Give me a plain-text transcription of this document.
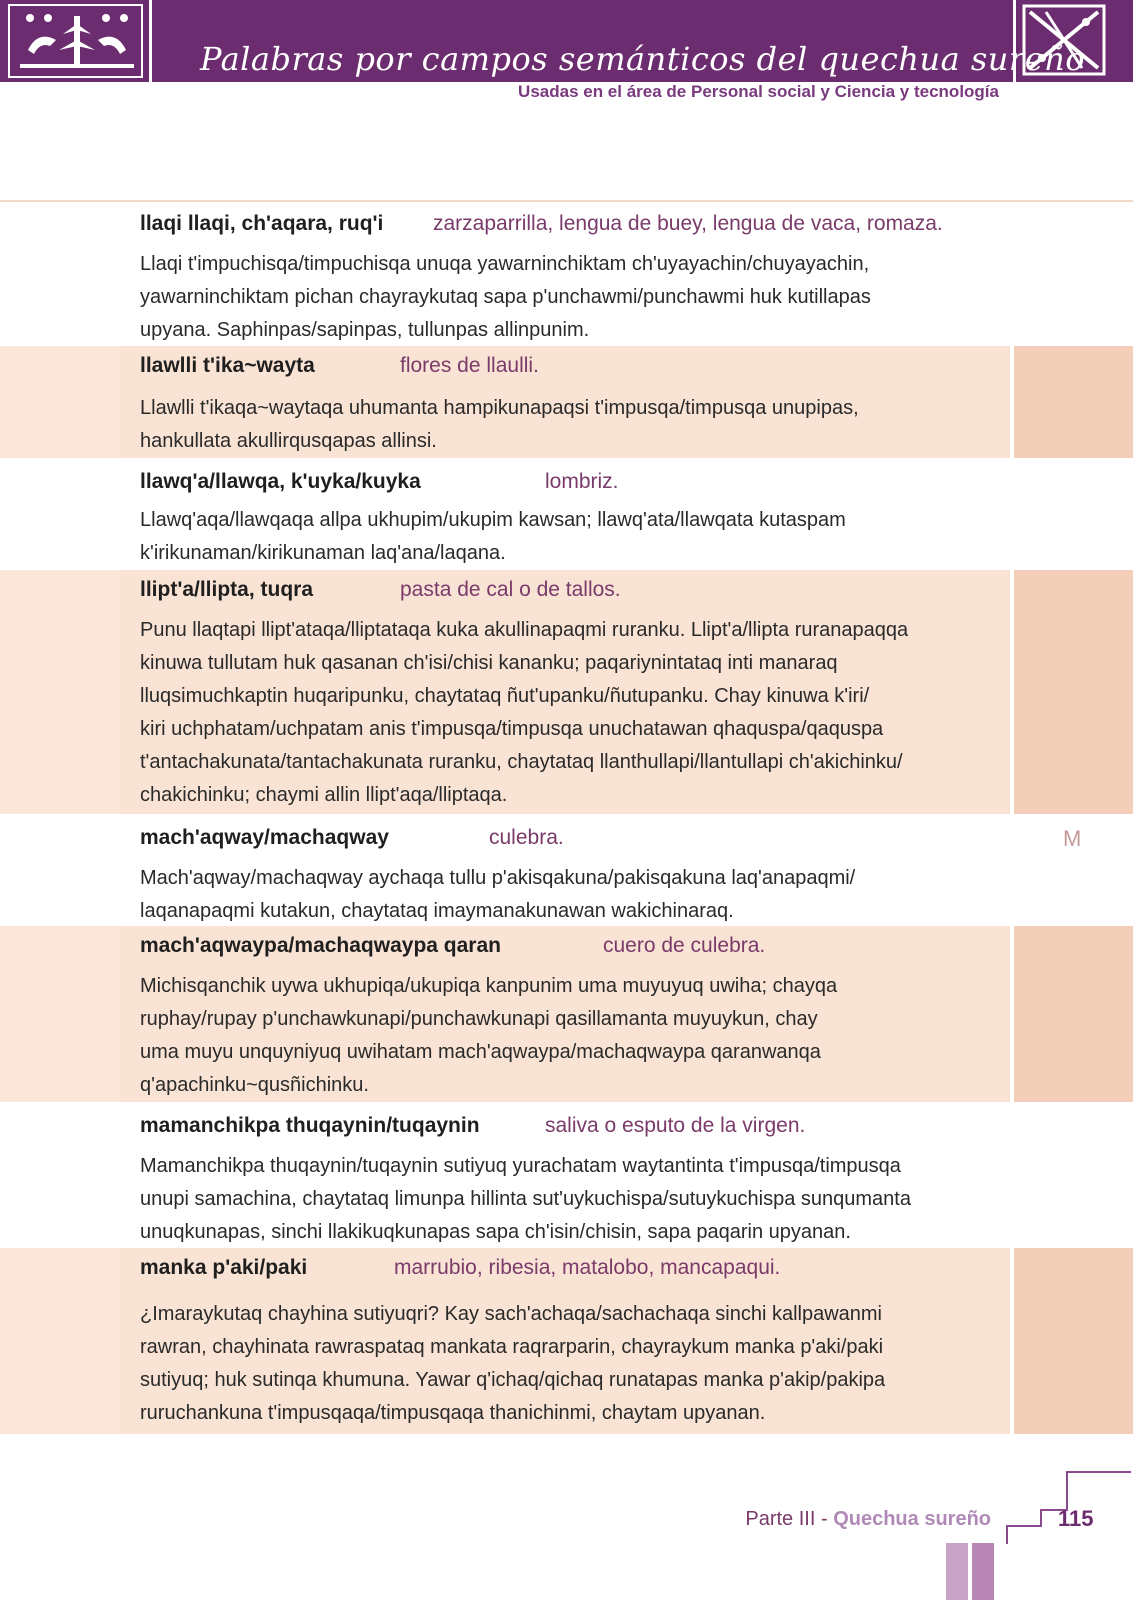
Palabras por campos semánticos del quechua sureño
Usadas en el área de Personal social y Ciencia y tecnología
llaqi llaqi, ch'aqara, ruq'i zarzaparrilla, lengua de buey, lengua de vaca, romaza.
Llaqi t'impuchisqa/timpuchisqa unuqa yawarninchiktam ch'uyayachin/chuyayachin,
yawarninchiktam pichan chayraykutaq sapa p'unchawmi/punchawmi huk kutillapas
upyana. Saphinpas/sapinpas, tullunpas allinpunim.
llawlli t'ika~wayta	flores de llaulli.
Llawlli t'ikaqa~waytaqa uhumanta hampikunapaqsi t'impusqa/timpusqa unupipas,
hankullata akullirqusqapas allinsi.
llawq'a/llawqa, k'uyka/kuyka	lombriz.
Llawq'aqa/llawqaqa allpa ukhupim/ukupim kawsan; llawq'ata/llawqata kutaspam
k'irikunaman/kirikunaman laq'ana/laqana.
llipt'a/llipta, tuqra	pasta de cal o de tallos.
Punu llaqtapi llipt'ataqa/lliptataqa kuka akullinapaqmi ruranku. Llipt'a/llipta ruranapaqqa
kinuwa tullutam huk qasanan ch'isi/chisi kananku; paqariynintataq inti manaraq
lluqsimuchkaptin huqaripunku, chaytataq ñut'upanku/ñutupanku. Chay kinuwa k'iri/
kiri uchphatam/uchpatam anis t'impusqa/timpusqa unuchatawan qhaquspa/qaquspa
t'antachakunata/tantachakunata ruranku, chaytataq llanthullapi/llantullapi ch'akichinku/
chakichinku; chaymi allin llipt'aqa/lliptaqa.
mach'aqway/machaqway	culebra.	M
Mach'aqway/machaqway aychaqa tullu p'akisqakuna/pakisqakuna laq'anapaqmi/
laqanapaqmi kutakun, chaytataq imaymanakunawan wakichinaraq.
mach'aqwaypa/machaqwaypa qaran	cuero de culebra.
Michisqanchik uywa ukhupiqa/ukupiqa kanpunim uma muyuyuq uwiha; chayqa
ruphay/rupay p'unchawkunapi/punchawkunapi qasillamanta muyuykun, chay
uma muyu unquyniyuq uwihatam mach'aqwaypa/machaqwaypa qaranwanqa
q'apachinku~qusñichinku.
mamanchikpa thuqaynin/tuqaynin	saliva o esputo de la virgen.
Mamanchikpa thuqaynin/tuqaynin sutiyuq yurachatam waytantinta t'impusqa/timpusqa
unupi samachina, chaytataq limunpa hillinta sut'uykuchispa/sutuykuchispa sunqumanta
unuqkunapas, sinchi llakikuqkunapas sapa ch'isin/chisin, sapa paqarin upyanan.
manka p'aki/paki	marrubio, ribesia, matalobo, mancapaqui.
¿Imaraykutaq chayhina sutiyuqri? Kay sach'achaqa/sachachaqa sinchi kallpawanmi
rawran, chayhinata rawraspataq mankata raqrarparin, chayraykum manka p'aki/paki
sutiyuq; huk sutinqa khumuna. Yawar q'ichaq/qichaq runatapas manka p'akip/pakipa
ruruchankuna t'impusqaqa/timpusqaqa thanichinmi, chaytam upyanan.
Parte III - Quechua sureño	115
